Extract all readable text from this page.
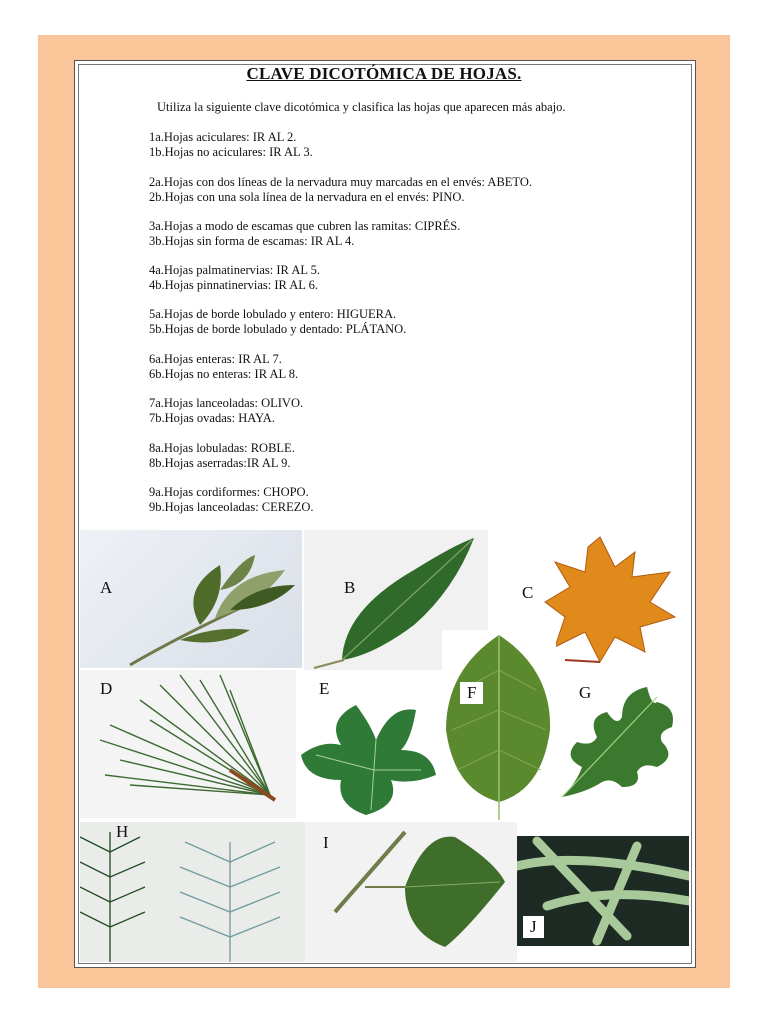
CLAVE DICOTÓMICA DE HOJAS.
Utiliza la siguiente clave dicotómica y clasifica las hojas que aparecen más abajo.
1a.Hojas aciculares: IR AL 2.
1b.Hojas no aciculares: IR AL 3.
2a.Hojas con dos líneas de la nervadura muy marcadas en el envés: ABETO.
2b.Hojas con una sola línea de la nervadura en el envés: PINO.
3a.Hojas a modo de escamas que cubren las ramitas: CIPRÉS.
3b.Hojas sin forma de escamas: IR AL 4.
4a.Hojas palmatinervias: IR AL 5.
4b.Hojas pinnatinervias: IR AL 6.
5a.Hojas de borde lobulado y entero: HIGUERA.
5b.Hojas de borde lobulado y dentado: PLÁTANO.
6a.Hojas enteras: IR AL 7.
6b.Hojas no enteras: IR AL 8.
7a.Hojas lanceoladas: OLIVO.
7b.Hojas ovadas: HAYA.
8a.Hojas lobuladas: ROBLE.
8b.Hojas aserradas:IR AL 9.
9a.Hojas cordiformes: CHOPO.
9b.Hojas lanceoladas: CEREZO.
A	B	C
D	E	F	G
H
I
J
